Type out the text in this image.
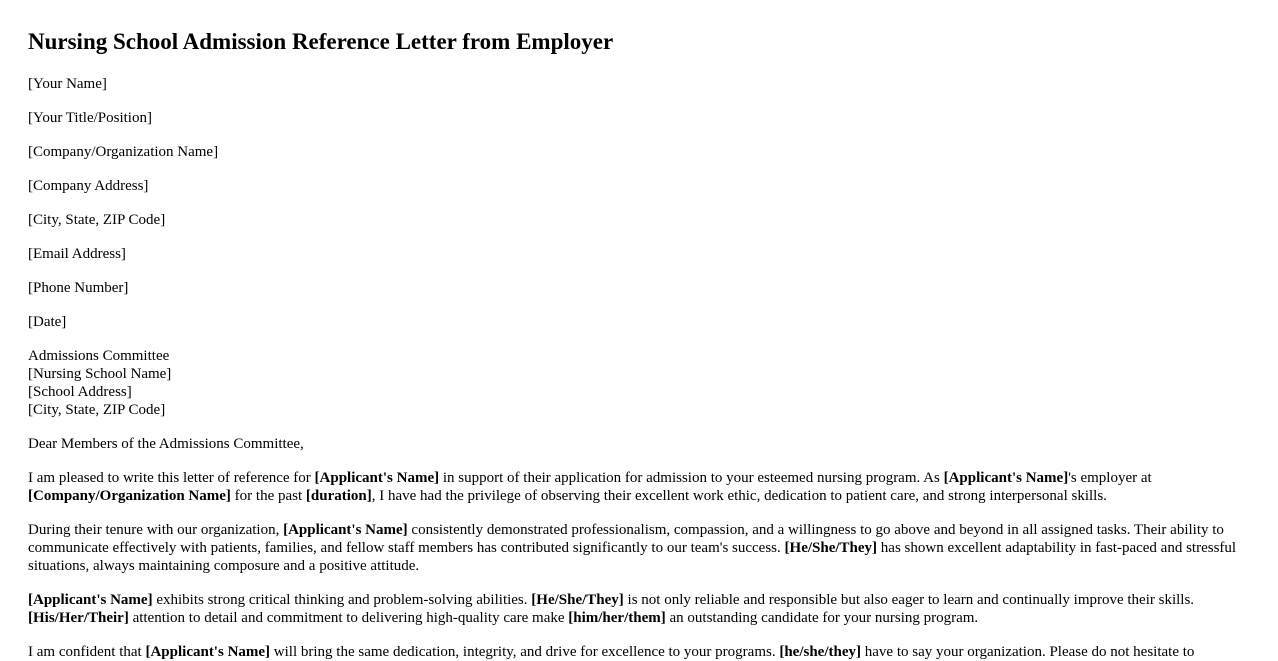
Nursing School Admission Reference Letter from Employer

[Your Name]

[Your Title/Position]

[Company/Organization Name]

[Company Address]

[City, State, ZIP Code]

[Email Address]

[Phone Number]

[Date]

Admissions Committee
[Nursing School Name]
[School Address]
[City, State, ZIP Code]

Dear Members of the Admissions Committee,

I am pleased to write this letter of reference for [Applicant's Name] in support of their application for admission to your esteemed nursing program. As [Applicant's Name]'s employer at [Company/Organization Name] for the past [duration], I have had the privilege of observing their excellent work ethic, dedication to patient care, and strong interpersonal skills.

During their tenure with our organization, [Applicant's Name] consistently demonstrated professionalism, compassion, and a willingness to go above and beyond in all assigned tasks. Their ability to communicate effectively with patients, families, and fellow staff members has contributed significantly to our team's success. [He/She/They] has shown excellent adaptability in fast-paced and stressful situations, always maintaining composure and a positive attitude.

[Applicant's Name] exhibits strong critical thinking and problem-solving abilities. [He/She/They] is not only reliable and responsible but also eager to learn and continually improve their skills. [His/Her/Their] attention to detail and commitment to delivering high-quality care make [him/her/them] an outstanding candidate for your nursing program.

I am confident that [Applicant's Name] will bring the same dedication, integrity, and drive for excellence to your programs. [he/she/they] have to say your organization. Please do not hesitate to
